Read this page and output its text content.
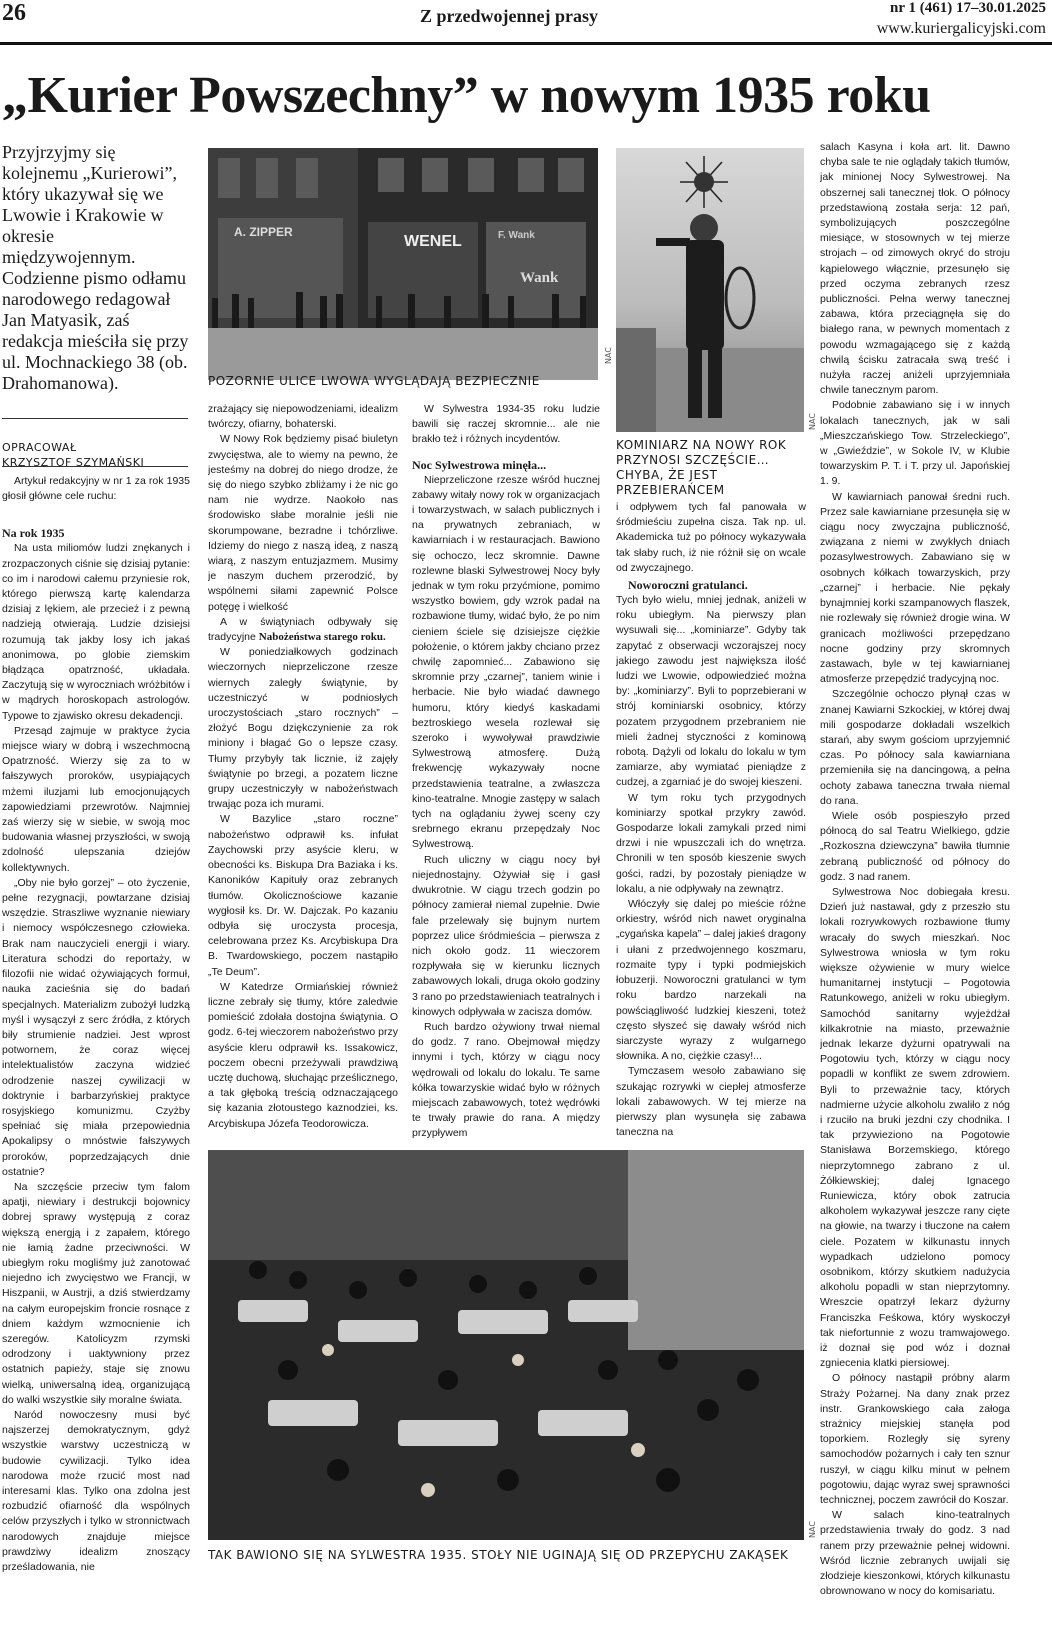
26	Z przedwojennej prasy	nr 1 (461) 17–30.01.2025
www.kuriergalicyjski.com
„Kurier Powszechny” w nowym 1935 roku
Przyjrzyjmy się kolejnemu „Kurierowi”, który ukazywał się we Lwowie i Krakowie w okresie międzywojennym. Codzienne pismo odłamu narodowego redagował Jan Matyasik, zaś redakcja mieściła się przy ul. Mochnackiego 38 (ob. Drahomanowa).
OPRACOWAŁ
KRZYSZTOF SZYMAŃSKI

Artykuł redakcyjny w nr 1 za rok 1935 głosił główne cele ruchu:

Na rok 1935

Na usta miliomów ludzi znękanych i zrozpaczonych ciśnie się dzisiaj pytanie: co im i narodowi całemu przyniesie rok, którego pierwszą kartę kalendarza dzisiaj z lękiem, ale przecież i z pewną nadzieją otwierają. Ludzie dzisiejsi rozumują tak jakby losy ich jakaś anonimowa, po globie ziemskim błądząca opatrzność, układała. Zaczytują się w wyroczniach wróżbitów i w mądrych horoskopach astrologów. Typowe to zjawisko okresu dekadencji.

Przesąd zajmuje w praktyce życia miejsce wiary w dobrą i wszechmocną Opatrzność. Wierzy się za to w fałszywych proroków, usypiających mżemi iluzjami lub emocjonujących zapowiedziami przewrotów. Najmniej zaś wierzy się w siebie, w swoją moc budowania własnej przyszłości, w swoją zdolność ulepszania dziejów kollektywnych.

„Oby nie było gorzej” – oto życzenie, pełne rezygnacji, powtarzane dzisiaj wszędzie. Straszliwe wyznanie niewiary i niemocy współczesnego człowieka. Brak nam nauczycieli energji i wiary. Literatura schodzi do reportaży, w filozofii nie widać ożywiających formuł, nauka zacieśnia się do badań specjalnych. Materializm zubożył ludzką myśl i wysączył z serc źródła, z których biły strumienie nadziei. Jest wprost potwornem, że coraz więcej intelektualistów zaczyna widzieć odrodzenie naszej cywilizacji w doktrynie i barbarzyńskiej praktyce rosyjskiego komunizmu. Czyżby spełniać się miała przepowiednia Apokalipsy o mnóstwie fałszywych proroków, poprzedzających dnie ostatnie?

Na szczęście przeciw tym falom apatji, niewiary i destrukcji bojownicy dobrej sprawy występują z coraz większą energją i z zapałem, którego nie łamią żadne przeciwności. W ubiegłym roku mogliśmy już zanotować niejedno ich zwycięstwo we Francji, w Hiszpanii, w Austrji, a dziś stwierdzamy na całym europejskim froncie rosnące z dniem każdym wzmocnienie ich szeregów. Katolicyzm rzymski odrodzony i uaktywniony przez ostatnich papieży, staje się znowu wielką, uniwersalną ideą, organizującą do walki wszystkie siły moralne świata.

Naród nowoczesny musi być najszerzej demokratycznym, gdyż wszystkie warstwy uczestniczą w budowie cywilizacji. Tylko idea narodowa może rzucić most nad interesami klas. Tylko ona zdolna jest rozbudzić ofiarność dla wspólnych celów przyszłych i tylko w stronnictwach narodowych znajduje miejsce prawdziwy idealizm znoszący prześladowania, nie

A. ZIPPER
WENEL	F. Wank
Wank
NAC
POZORNIE ULICE LWOWA WYGLĄDAJĄ BEZPIECZNIE
NAC
KOMINIARZ NA NOWY ROK PRZYNOSI SZCZĘŚCIE… CHYBA, ŻE JEST PRZEBIERAŃCEM

zrażający się niepowodzeniami, idealizm twórczy, ofiarny, bohaterski.

W Nowy Rok będziemy pisać biuletyn zwycięstwa, ale to wiemy na pewno, że jesteśmy na dobrej do niego drodze, że się do niego szybko zbliżamy i że nic go nam nie wydrze. Naokoło nas środowisko słabe moralnie jeśli nie skorumpowane, bezradne i tchórzliwe. Idziemy do niego z naszą ideą, z naszą wiarą, z naszym entuzjazmem. Musimy je naszym duchem przerodzić, by wspólnemi siłami zapewnić Polsce potęgę i wielkość

A w świątyniach odbywały się tradycyjne Nabożeństwa starego roku.

W poniedziałkowych godzinach wieczornych nieprzeliczone rzesze wiernych zaległy świątynie, by uczestniczyć w podniosłych uroczystościach „staro rocznych” – złożyć Bogu dziękczynienie za rok miniony i błagać Go o lepsze czasy. Tłumy przybyły tak licznie, iż zajęły świątynie po brzegi, a pozatem liczne grupy uczestniczyły w nabożeństwach trwając poza ich murami.

W Bazylice „staro roczne” nabożeństwo odprawił ks. infułat Zaychowski przy asyście kleru, w obecności ks. Biskupa Dra Baziaka i ks. Kanoników Kapituły oraz zebranych tłumów. Okolicznościowe kazanie wygłosił ks. Dr. W. Dajczak. Po kazaniu odbyła się uroczysta procesja, celebrowana przez Ks. Arcybiskupa Dra B. Twardowskiego, poczem nastąpiło „Te Deum”.

W Katedrze Ormiańskiej również liczne zebrały się tłumy, które zaledwie pomieścić zdołała dostojna świątynia. O godz. 6-tej wieczorem nabożeństwo przy asyście kleru odprawił ks. Issakowicz, poczem obecni przeżywali prawdziwą ucztę duchową, słuchając prześlicznego, a tak głęboką treścią odznaczającego się kazania złotoustego kaznodziei, ks. Arcybiskupa Józefa Teodorowicza.

W Sylwestra 1934-35 roku ludzie bawili się raczej skromnie... ale nie brakło też i różnych incydentów.

Noc Sylwestrowa minęła...

Nieprzeliczone rzesze wśród hucznej zabawy witały nowy rok w organizacjach i towarzystwach, w salach publicznych i na prywatnych zebraniach, w kawiarniach i w restauracjach. Bawiono się ochoczo, lecz skromnie. Dawne rozlewne blaski Sylwestrowej Nocy były jednak w tym roku przyćmione, pomimo wszystko bowiem, gdy wzrok padał na rozbawione tłumy, widać było, że po nim cieniem ściele się dzisiejsze ciężkie położenie, o którem jakby chciano przez chwilę zapomnieć... Zabawiono się skromnie przy „czarnej”, taniem winie i herbacie. Nie było wiadać dawnego humoru, który kiedyś kaskadami beztroskiego wesela rozlewał się szeroko i wywoływał prawdziwie Sylwestrową atmosferę. Dużą frekwencję wykazywały nocne przedstawienia teatralne, a zwłaszcza kino-teatralne. Mnogie zastępy w salach tych na oglądaniu żywej sceny czy srebrnego ekranu przepędzały Noc Sylwestrową.

Ruch uliczny w ciągu nocy był niejednostajny. Ożywiał się i gasł dwukrotnie. W ciągu trzech godzin po północy zamierał niemal zupełnie. Dwie fale przelewały się bujnym nurtem poprzez ulice śródmieścia – pierwsza z nich około godz. 11 wieczorem rozpływała się w kierunku licznych zabawowych lokali, druga około godziny 3 rano po przedstawieniach teatralnych i kinowych odpływała w zacisza domów.

Ruch bardzo ożywiony trwał niemal do godz. 7 rano. Obejmował między innymi i tych, którzy w ciągu nocy wędrowali od lokalu do lokalu. Te same kółka towarzyskie widać było w różnych miejscach zabawowych, toteż wędrówki te trwały prawie do rana. A między przypływem

i odpływem tych fal panowała w śródmieściu zupełna cisza. Tak np. ul. Akademicka tuż po północy wykazywała tak słaby ruch, iż nie różnił się on wcale od zwyczajnego.

Noworoczni gratulanci.

Tych było wielu, mniej jednak, aniżeli w roku ubiegłym. Na pierwszy plan wysuwali się... „kominiarze”. Gdyby tak zapytać z obserwacji wczorajszej nocy jakiego zawodu jest największa ilość ludzi we Lwowie, odpowiedzieć można by: „kominiarzy”. Byli to poprzebierani w strój kominiarski osobnicy, którzy pozatem przygodnem przebraniem nie mieli żadnej styczności z kominową robotą. Dążyli od lokalu do lokalu w tym zamiarze, aby wymiatać pieniądze z cudzej, a zgarniać je do swojej kieszeni.

W tym roku tych przygodnych kominiarzy spotkał przykry zawód. Gospodarze lokali zamykali przed nimi drzwi i nie wpuszczali ich do wnętrza. Chronili w ten sposób kieszenie swych gości, radzi, by pozostały pieniądze w lokalu, a nie odpływały na zewnątrz.

Włóczyły się dalej po mieście różne orkiestry, wśród nich nawet oryginalna „cygańska kapela” – dalej jakieś dragony i ułani z przedwojennego koszmaru, rozmaite typy i typki podmiejskich łobuzerji. Noworoczni gratulanci w tym roku bardzo narzekali na powściągliwość ludzkiej kieszeni, toteż często słyszeć się dawały wśród nich siarczyste wyrazy z wulgarnego słownika. A no, ciężkie czasy!...

Tymczasem wesoło zabawiano się szukając rozrywki w ciepłej atmosferze lokali zabawowych. W tej mierze na pierwszy plan wysunęła się zabawa taneczna na

salach Kasyna i koła art. lit. Dawno chyba sale te nie oglądały takich tłumów, jak minionej Nocy Sylwestrowej. Na obszernej sali tanecznej tłok. O północy przedstawioną została serja: 12 pań, symbolizujących poszczególne miesiące, w stosownych w tej mierze strojach – od zimowych okryć do stroju kąpielowego włącznie, przesunęło się przed oczyma zebranych rzesz publiczności. Pełna werwy tanecznej zabawa, która przeciągnęła się do białego rana, w pewnych momentach z powodu wzmagającego się z każdą chwilą ścisku zatracała swą treść i nużyła raczej aniżeli uprzyjemniała chwile tanecznym parom.

Podobnie zabawiano się i w innych lokalach tanecznych, jak w sali „Mieszczańskiego Tow. Strzeleckiego”, w „Gwieździe”, w Sokole IV, w Klubie towarzyskim P. T. i T. przy ul. Japońskiej 1. 9.

W kawiarniach panował średni ruch. Przez sale kawiarniane przesunęła się w ciągu nocy zwyczajna publiczność, związana z niemi w zwykłych dniach pozasylwestrowych. Zabawiano się w osobnych kółkach towarzyskich, przy „czarnej” i herbacie. Nie pękały bynajmniej korki szampanowych flaszek, nie rozlewały się również drogie wina. W granicach możliwości przepędzano nocne godziny przy skromnych zastawach, byle w tej kawiarnianej atmosferze przepędzić tradycyjną noc.

Szczególnie ochoczo płynął czas w znanej Kawiarni Szkockiej, w której dwaj mili gospodarze dokładali wszelkich starań, aby swym gościom uprzyjemnić czas. Po północy sala kawiarniana przemieniła się na dancingową, a pełna ochoty zabawa taneczna trwała niemal do rana.

Wiele osób pospieszyło przed północą do sal Teatru Wielkiego, gdzie „Rozkoszna dziewczyna” bawiła tłumnie zebraną publiczność od północy do godz. 3 nad ranem.

Sylwestrowa Noc dobiegała kresu. Dzień już nastawał, gdy z przeszło stu lokali rozrywkowych rozbawione tłumy wracały do swych mieszkań. Noc Sylwestrowa wniosła w tym roku większe ożywienie w mury wielce humanitarnej instytucji – Pogotowia Ratunkowego, aniżeli w roku ubiegłym. Samochód sanitarny wyjeżdżał kilkakrotnie na miasto, przeważnie jednak lekarze dyżurni opatrywali na Pogotowiu tych, którzy w ciągu nocy popadli w konflikt ze swem zdrowiem. Byli to przeważnie tacy, których nadmierne użycie alkoholu zwaliło z nóg i rzuciło na bruki jezdni czy chodnika. I tak przywieziono na Pogotowie Stanisława Borzemskiego, którego nieprzytomnego zabrano z ul. Żółkiewskiej; dalej Ignacego Runiewicza, który obok zatrucia alkoholem wykazywał jeszcze rany cięte na głowie, na twarzy i tłuczone na całem ciele. Pozatem w kilkunastu innych wypadkach udzielono pomocy osobnikom, którzy skutkiem nadużycia alkoholu popadli w stan nieprzytomny. Wreszcie opatrzył lekarz dyżurny Franciszka Feśkowa, który wyskoczył tak niefortunnie z wozu tramwajowego. iż doznał się pod wóz i doznał zgniecenia klatki piersiowej.

O północy nastąpił próbny alarm Straży Pożarnej. Na dany znak przez instr. Grankowskiego cała załoga strażnicy miejskiej stanęła pod toporkiem. Rozległy się syreny samochodów pożarnych i cały ten sznur ruszył, w ciągu kilku minut w pełnem pogotowiu, dając wyraz swej sprawności technicznej, poczem zawrócił do Koszar.

W salach kino-teatralnych przedstawienia trwały do godz. 3 nad ranem przy przeważnie pełnej widowni. Wśród licznie zebranych uwijali się złodzieje kieszonkowi, których kilkunastu obrownowano w nocy do komisariatu.

NAC
TAK BAWIONO SIĘ NA SYLWESTRA 1935. STOŁY NIE UGINAJĄ SIĘ OD PRZEPYCHU ZAKĄSEK
